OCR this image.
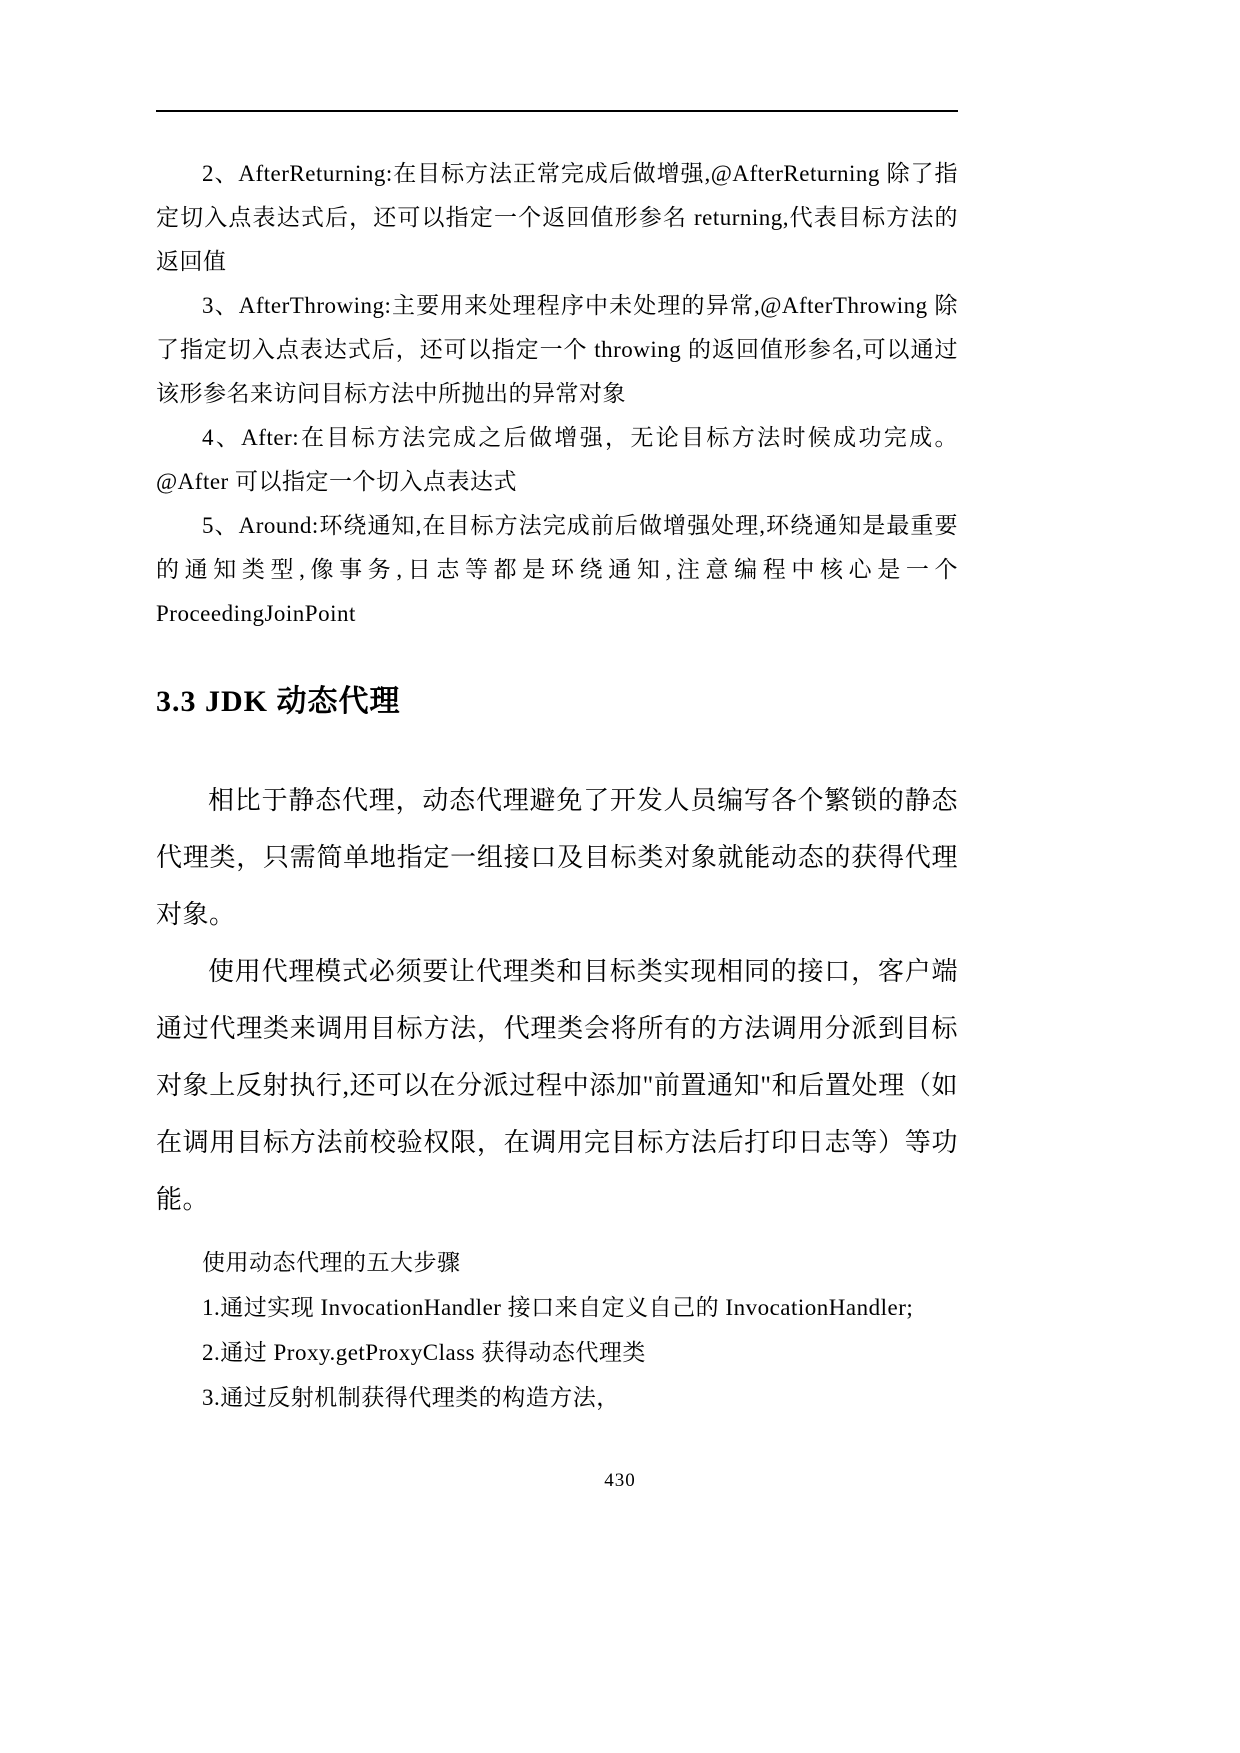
2、AfterReturning:在目标方法正常完成后做增强,@AfterReturning 除了指定切入点表达式后，还可以指定一个返回值形参名 returning,代表目标方法的返回值

3、AfterThrowing:主要用来处理程序中未处理的异常,@AfterThrowing 除了指定切入点表达式后，还可以指定一个 throwing 的返回值形参名,可以通过该形参名来访问目标方法中所抛出的异常对象

4、After:在目标方法完成之后做增强，无论目标方法时候成功完成。@After 可以指定一个切入点表达式

5、Around:环绕通知,在目标方法完成前后做增强处理,环绕通知是最重要的通知类型,像事务,日志等都是环绕通知,注意编程中核心是一个 ProceedingJoinPoint

3.3 JDK 动态代理

相比于静态代理，动态代理避免了开发人员编写各个繁锁的静态代理类，只需简单地指定一组接口及目标类对象就能动态的获得代理对象。

使用代理模式必须要让代理类和目标类实现相同的接口，客户端通过代理类来调用目标方法，代理类会将所有的方法调用分派到目标对象上反射执行,还可以在分派过程中添加"前置通知"和后置处理（如在调用目标方法前校验权限，在调用完目标方法后打印日志等）等功能。

使用动态代理的五大步骤

1.通过实现 InvocationHandler 接口来自定义自己的 InvocationHandler;

2.通过 Proxy.getProxyClass 获得动态代理类

3.通过反射机制获得代理类的构造方法，

430
